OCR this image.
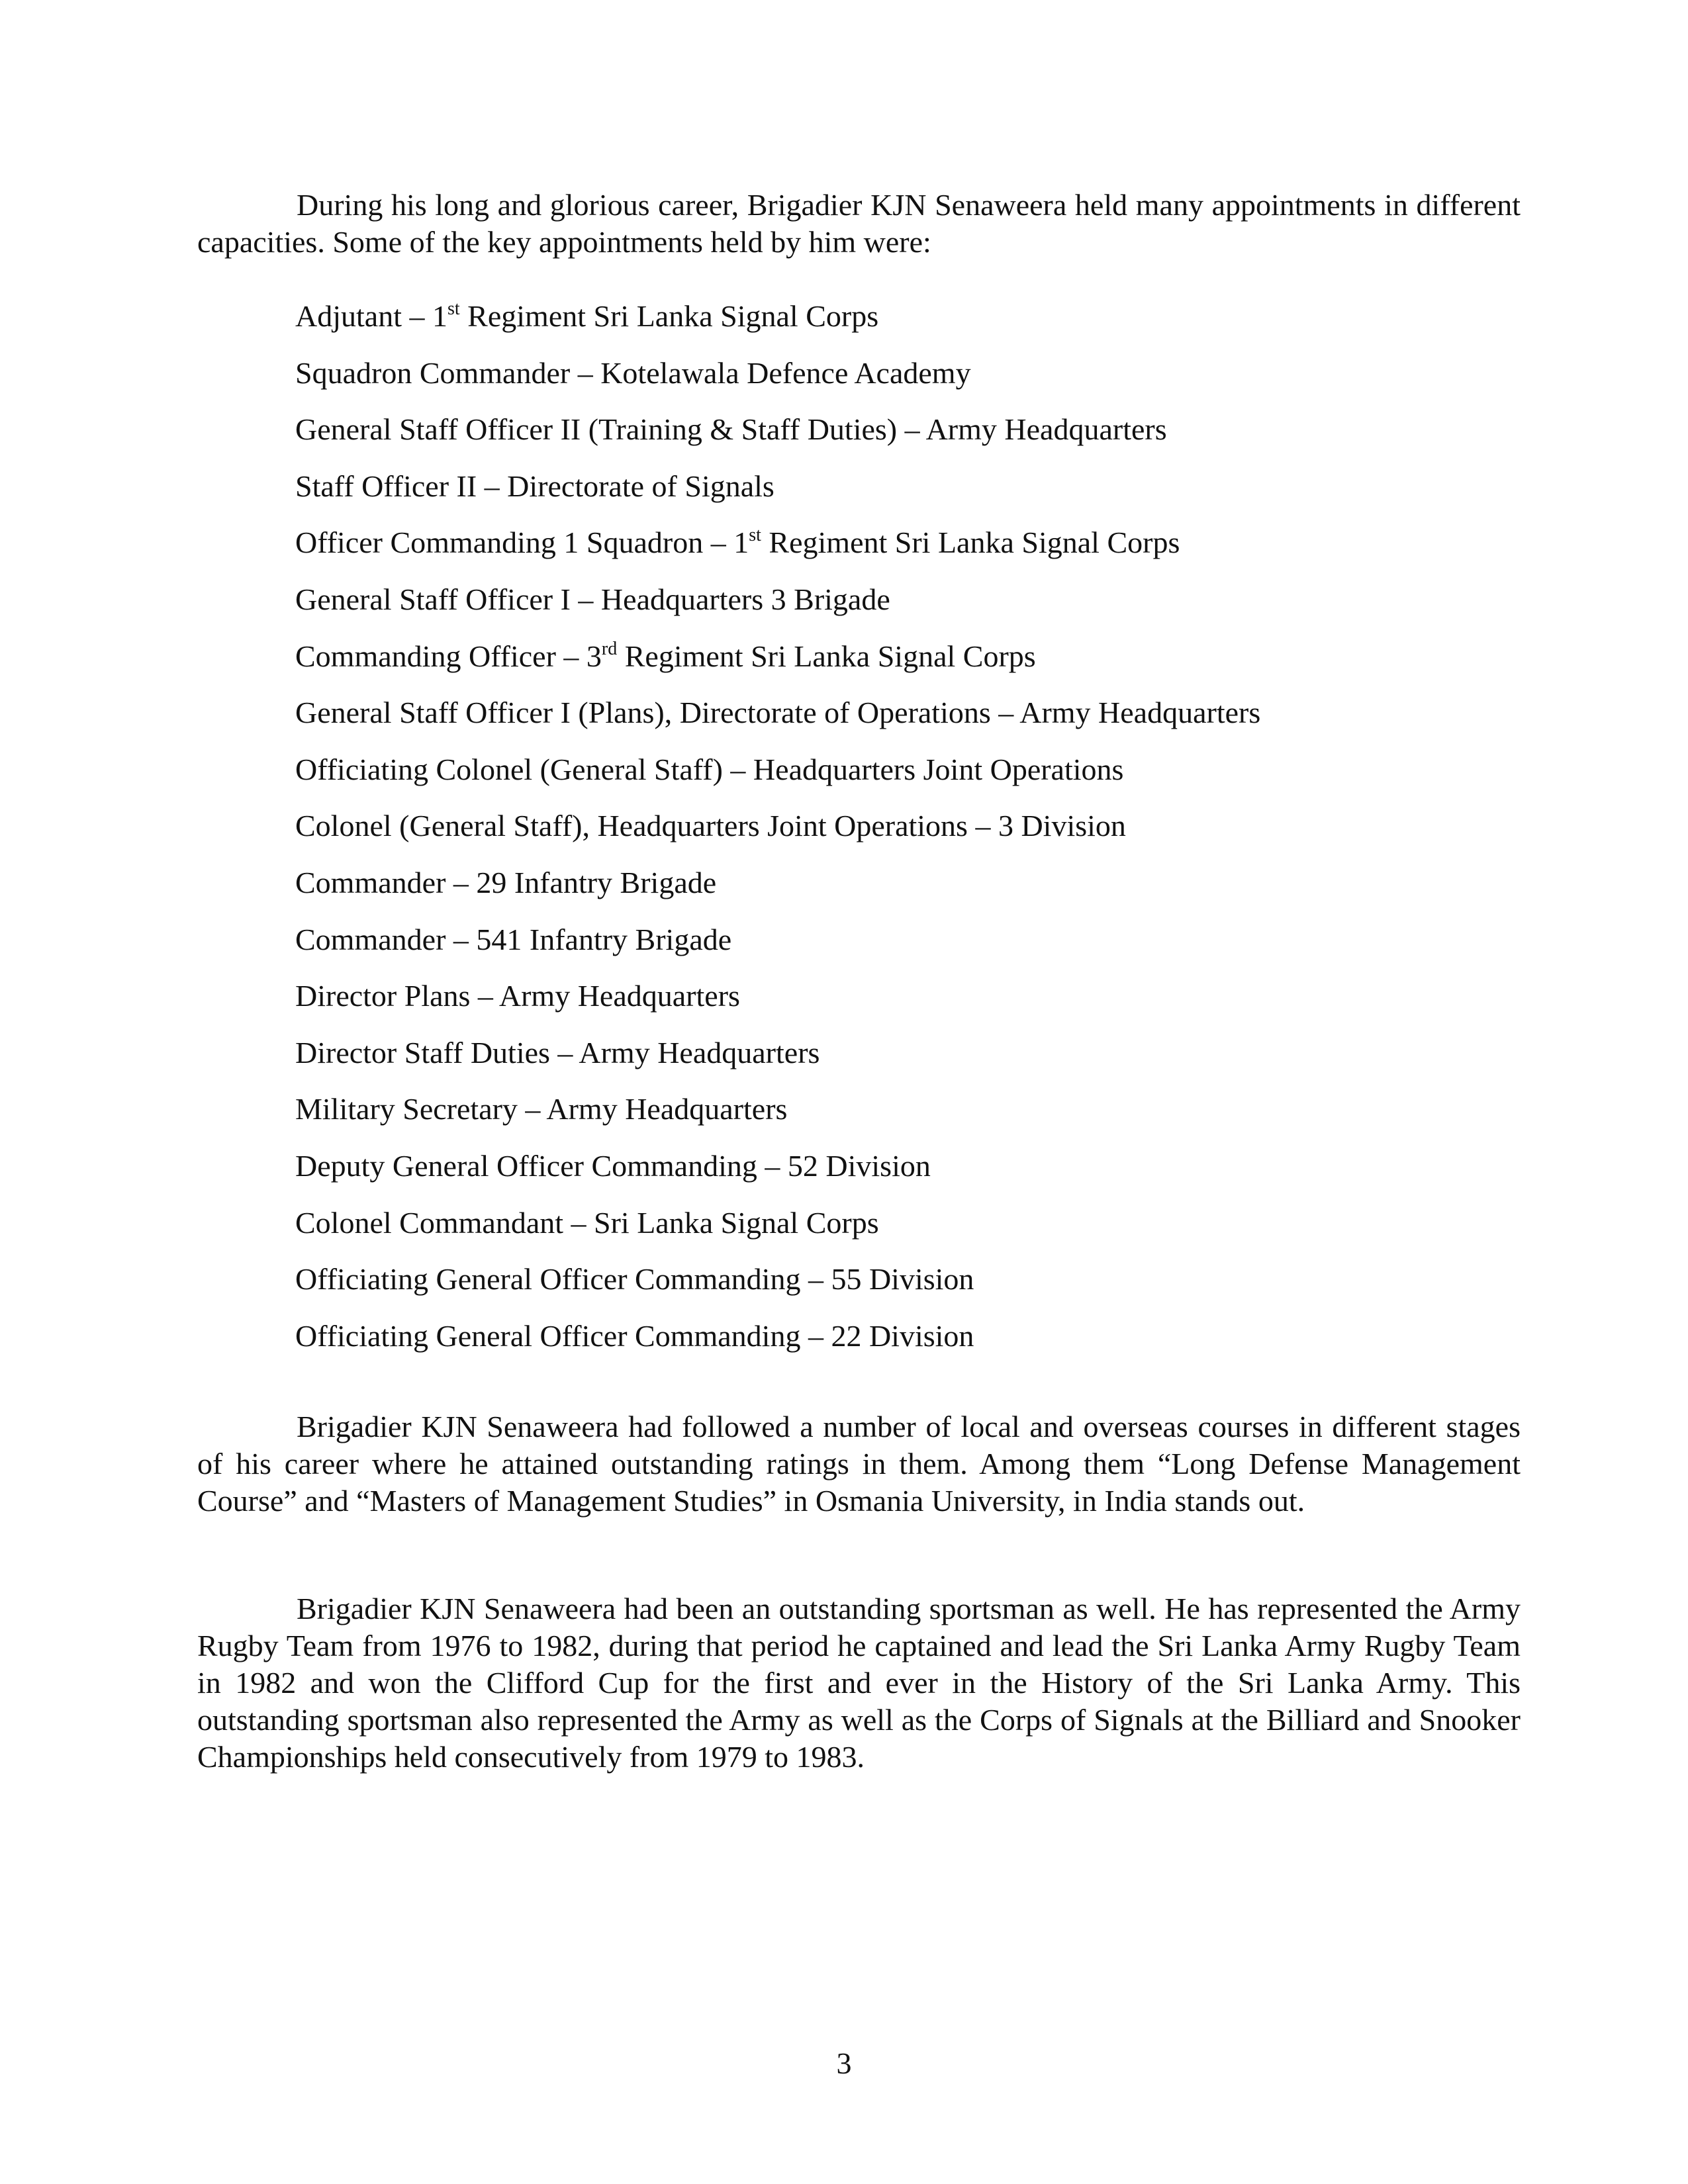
During his long and glorious career, Brigadier KJN Senaweera held many appointments in different capacities. Some of the key appointments held by him were:

Adjutant – 1st Regiment Sri Lanka Signal Corps
Squadron Commander – Kotelawala Defence Academy
General Staff Officer II (Training & Staff Duties) – Army Headquarters
Staff Officer II – Directorate of Signals
Officer Commanding 1 Squadron – 1st Regiment Sri Lanka Signal Corps
General Staff Officer I – Headquarters 3 Brigade
Commanding Officer – 3rd Regiment Sri Lanka Signal Corps
General Staff Officer I (Plans), Directorate of Operations – Army Headquarters
Officiating Colonel (General Staff) – Headquarters Joint Operations
Colonel (General Staff), Headquarters Joint Operations – 3 Division
Commander – 29 Infantry Brigade
Commander – 541 Infantry Brigade
Director Plans – Army Headquarters
Director Staff Duties – Army Headquarters
Military Secretary – Army Headquarters
Deputy General Officer Commanding – 52 Division
Colonel Commandant – Sri Lanka Signal Corps
Officiating General Officer Commanding – 55 Division
Officiating General Officer Commanding – 22 Division

Brigadier KJN Senaweera had followed a number of local and overseas courses in different stages of his career where he attained outstanding ratings in them. Among them “Long Defense Management Course” and “Masters of Management Studies” in Osmania University, in India stands out.

Brigadier KJN Senaweera had been an outstanding sportsman as well. He has represented the Army Rugby Team from 1976 to 1982, during that period he captained and lead the Sri Lanka Army Rugby Team in 1982 and won the Clifford Cup for the first and ever in the History of the Sri Lanka Army. This outstanding sportsman also represented the Army as well as the Corps of Signals at the Billiard and Snooker Championships held consecutively from 1979 to 1983.

3
